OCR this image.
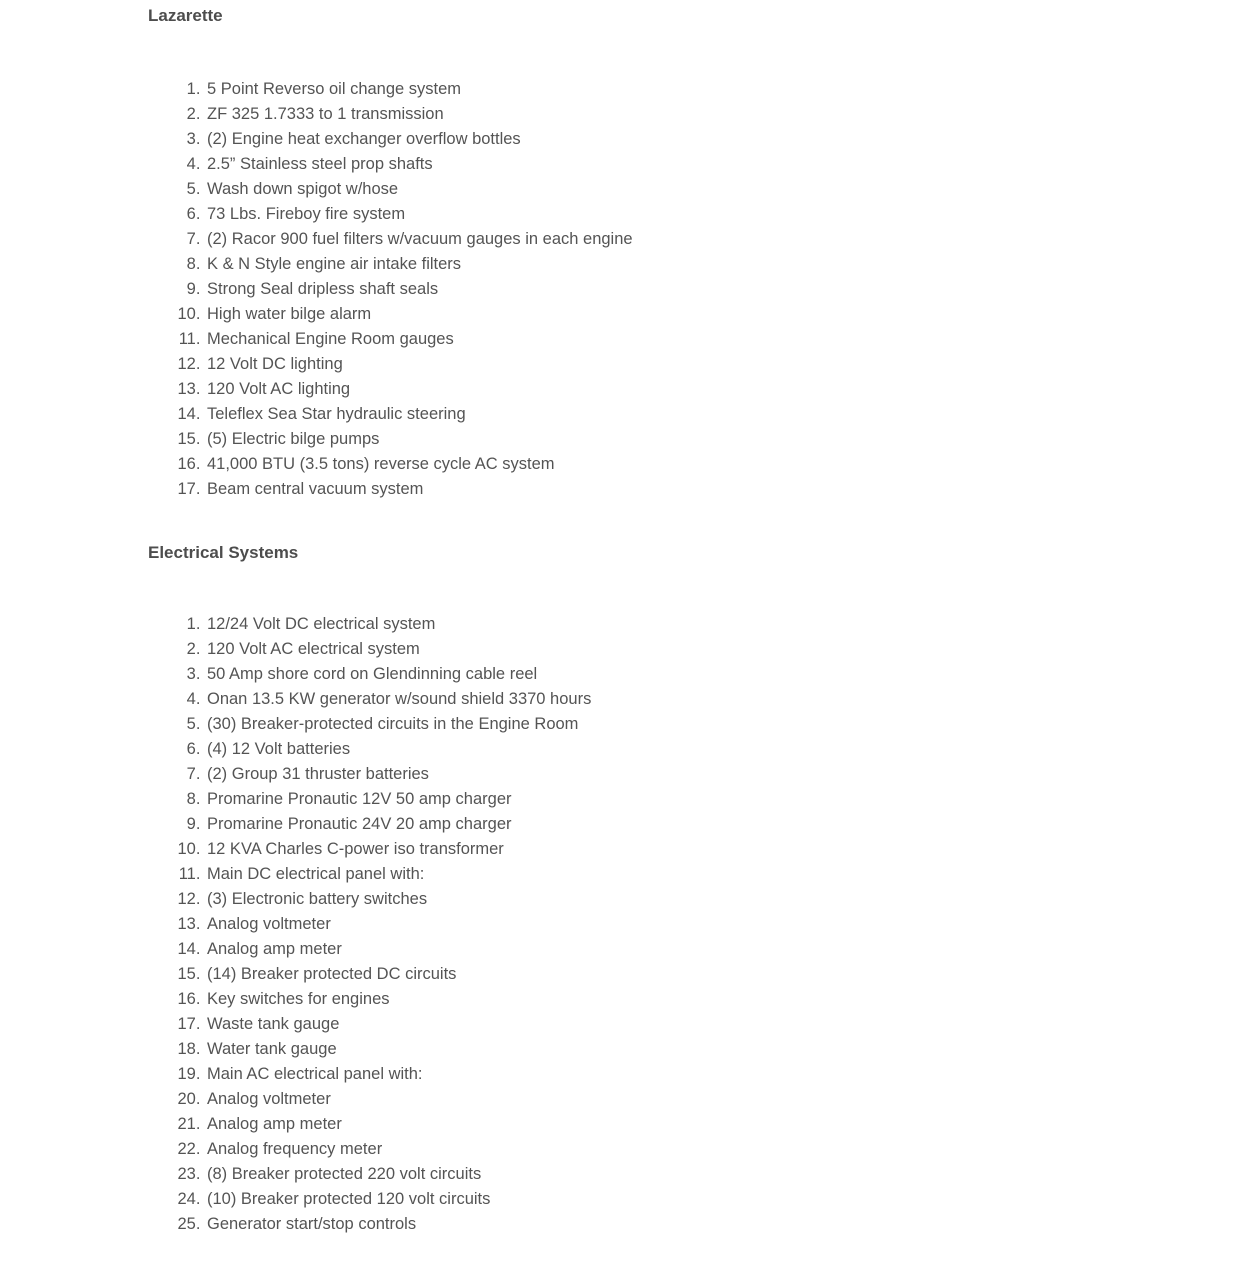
Lazarette
1. 5 Point Reverso oil change system
2. ZF 325 1.7333 to 1 transmission
3. (2) Engine heat exchanger overflow bottles
4. 2.5” Stainless steel prop shafts
5. Wash down spigot w/hose
6. 73 Lbs. Fireboy fire system
7. (2) Racor 900 fuel filters w/vacuum gauges in each engine
8. K & N Style engine air intake filters
9. Strong Seal dripless shaft seals
10. High water bilge alarm
11. Mechanical Engine Room gauges
12. 12 Volt DC lighting
13. 120 Volt AC lighting
14. Teleflex Sea Star hydraulic steering
15. (5) Electric bilge pumps
16. 41,000 BTU (3.5 tons) reverse cycle AC system
17. Beam central vacuum system
Electrical Systems
1. 12/24 Volt DC electrical system
2. 120 Volt AC electrical system
3. 50 Amp shore cord on Glendinning cable reel
4. Onan 13.5 KW generator w/sound shield 3370 hours
5. (30) Breaker-protected circuits in the Engine Room
6. (4) 12 Volt batteries
7. (2) Group 31 thruster batteries
8. Promarine Pronautic 12V 50 amp charger
9. Promarine Pronautic 24V 20 amp charger
10. 12 KVA Charles C-power iso transformer
11. Main DC electrical panel with:
12. (3) Electronic battery switches
13. Analog voltmeter
14. Analog amp meter
15. (14) Breaker protected DC circuits
16. Key switches for engines
17. Waste tank gauge
18. Water tank gauge
19. Main AC electrical panel with:
20. Analog voltmeter
21. Analog amp meter
22. Analog frequency meter
23. (8) Breaker protected 220 volt circuits
24. (10) Breaker protected 120 volt circuits
25. Generator start/stop controls
